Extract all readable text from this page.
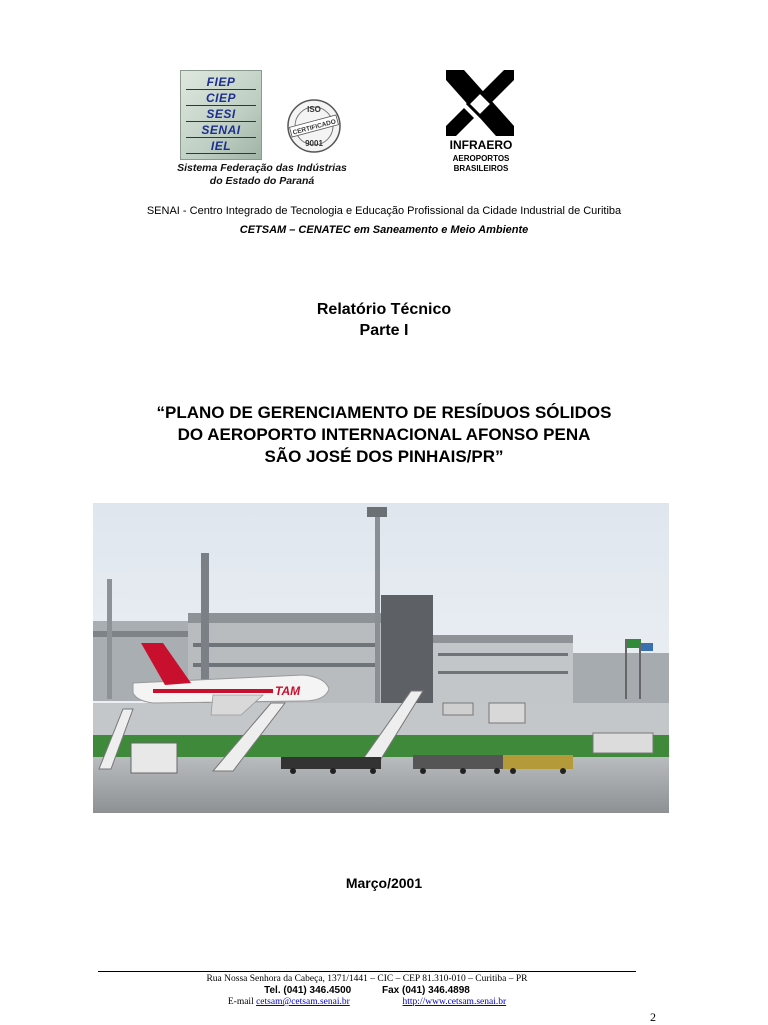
FIEP
CIEP
SESI
SENAI
IEL
ISO
CERTIFICADO
9001
Sistema Federação das Indústrias
do Estado do Paraná
INFRAERO
AEROPORTOS
BRASILEIROS
SENAI - Centro Integrado de Tecnologia e Educação Profissional da Cidade Industrial de Curitiba
CETSAM – CENATEC em Saneamento e Meio Ambiente
Relatório Técnico
Parte I
“PLANO DE GERENCIAMENTO DE RESÍDUOS SÓLIDOS
DO AEROPORTO INTERNACIONAL AFONSO PENA
SÃO JOSÉ DOS PINHAIS/PR”
TAM
Março/2001
Rua Nossa Senhora da Cabeça, 1371/1441 – CIC – CEP 81.310-010 – Curitiba – PR
Tel. (041) 346.4500	Fax (041) 346.4898
E-mail cetsam@cetsam.senai.br	http://www.cetsam.senai.br
2
